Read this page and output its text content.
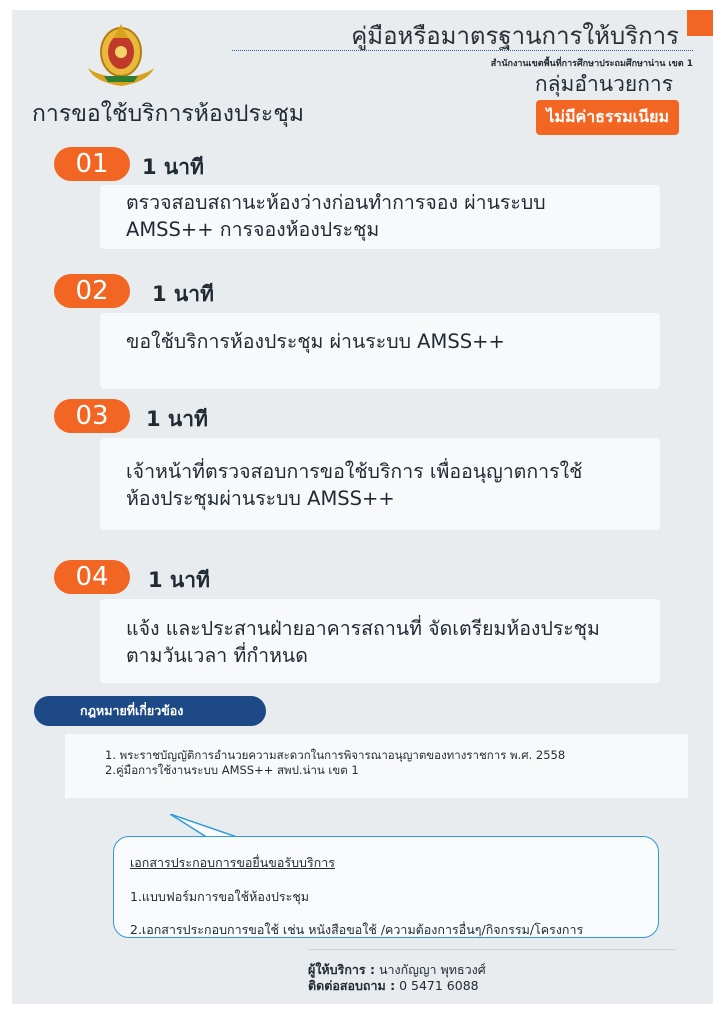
คู่มือหรือมาตรฐานการให้บริการ
สำนักงานเขตพื้นที่การศึกษาประถมศึกษาน่าน เขต 1
กลุ่มอำนวยการ
การขอใช้บริการห้องประชุม	ไม่มีค่าธรรมเนียม
01	1 นาที
ตรวจสอบสถานะห้องว่างก่อนทำการจอง ผ่านระบบ
AMSS++ การจองห้องประชุม
02	1 นาที
ขอใช้บริการห้องประชุม ผ่านระบบ AMSS++
03	1 นาที
เจ้าหน้าที่ตรวจสอบการขอใช้บริการ เพื่ออนุญาตการใช้
ห้องประชุมผ่านระบบ AMSS++
04	1 นาที
แจ้ง และประสานฝ่ายอาคารสถานที่ จัดเตรียมห้องประชุม
ตามวันเวลา ที่กำหนด
กฎหมายที่เกี่ยวข้อง
1. พระราชบัญญัติการอำนวยความสะดวกในการพิจารณาอนุญาตของทางราชการ พ.ศ. 2558
2.คู่มือการใช้งานระบบ AMSS++ สพป.น่าน เขต 1
เอกสารประกอบการขอยื่นขอรับบริการ
1.แบบฟอร์มการขอใช้ห้องประชุม
2.เอกสารประกอบการขอใช้ เช่น หนังสือขอใช้ /ความต้องการอื่นๆ/กิจกรรม/โครงการ
ผู้ให้บริการ : นางกัญญา พุทธวงศ์
ติดต่อสอบถาม : 0 5471 6088
